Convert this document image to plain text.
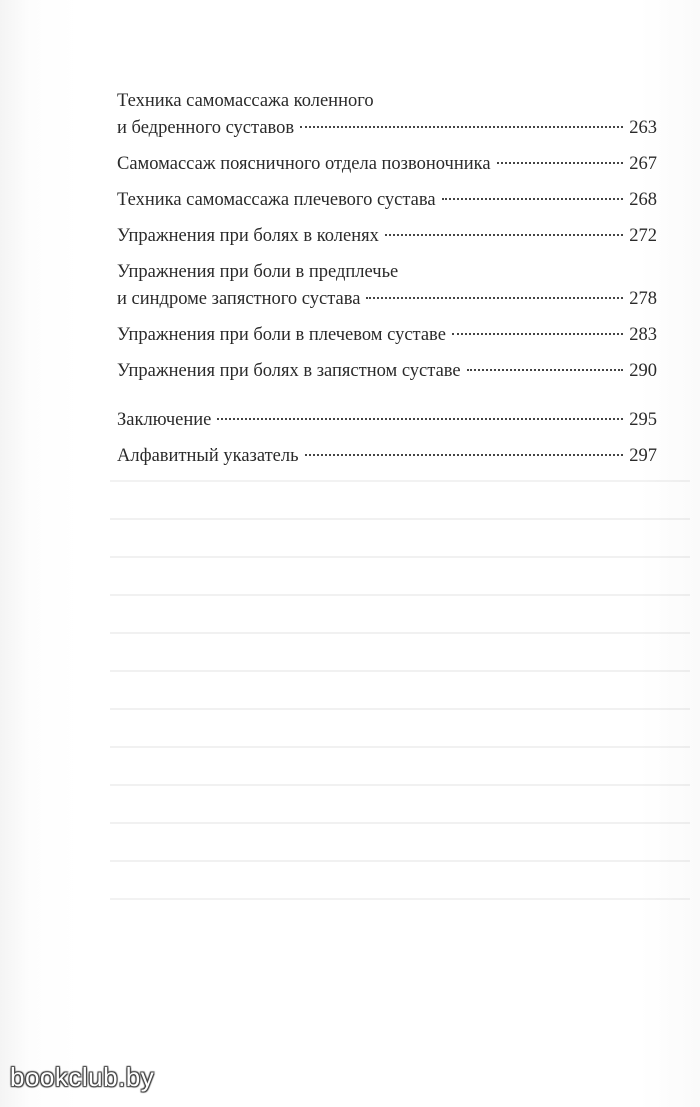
Техника самомассажа коленного
и бедренного суставов	263
Самомассаж поясничного отдела позвоночника	267
Техника самомассажа плечевого сустава	268
Упражнения при болях в коленях	272
Упражнения при боли в предплечье
и синдроме запястного сустава	278
Упражнения при боли в плечевом суставе	283
Упражнения при болях в запястном суставе	290
Заключение	295
Алфавитный указатель	297
bookclub.by
